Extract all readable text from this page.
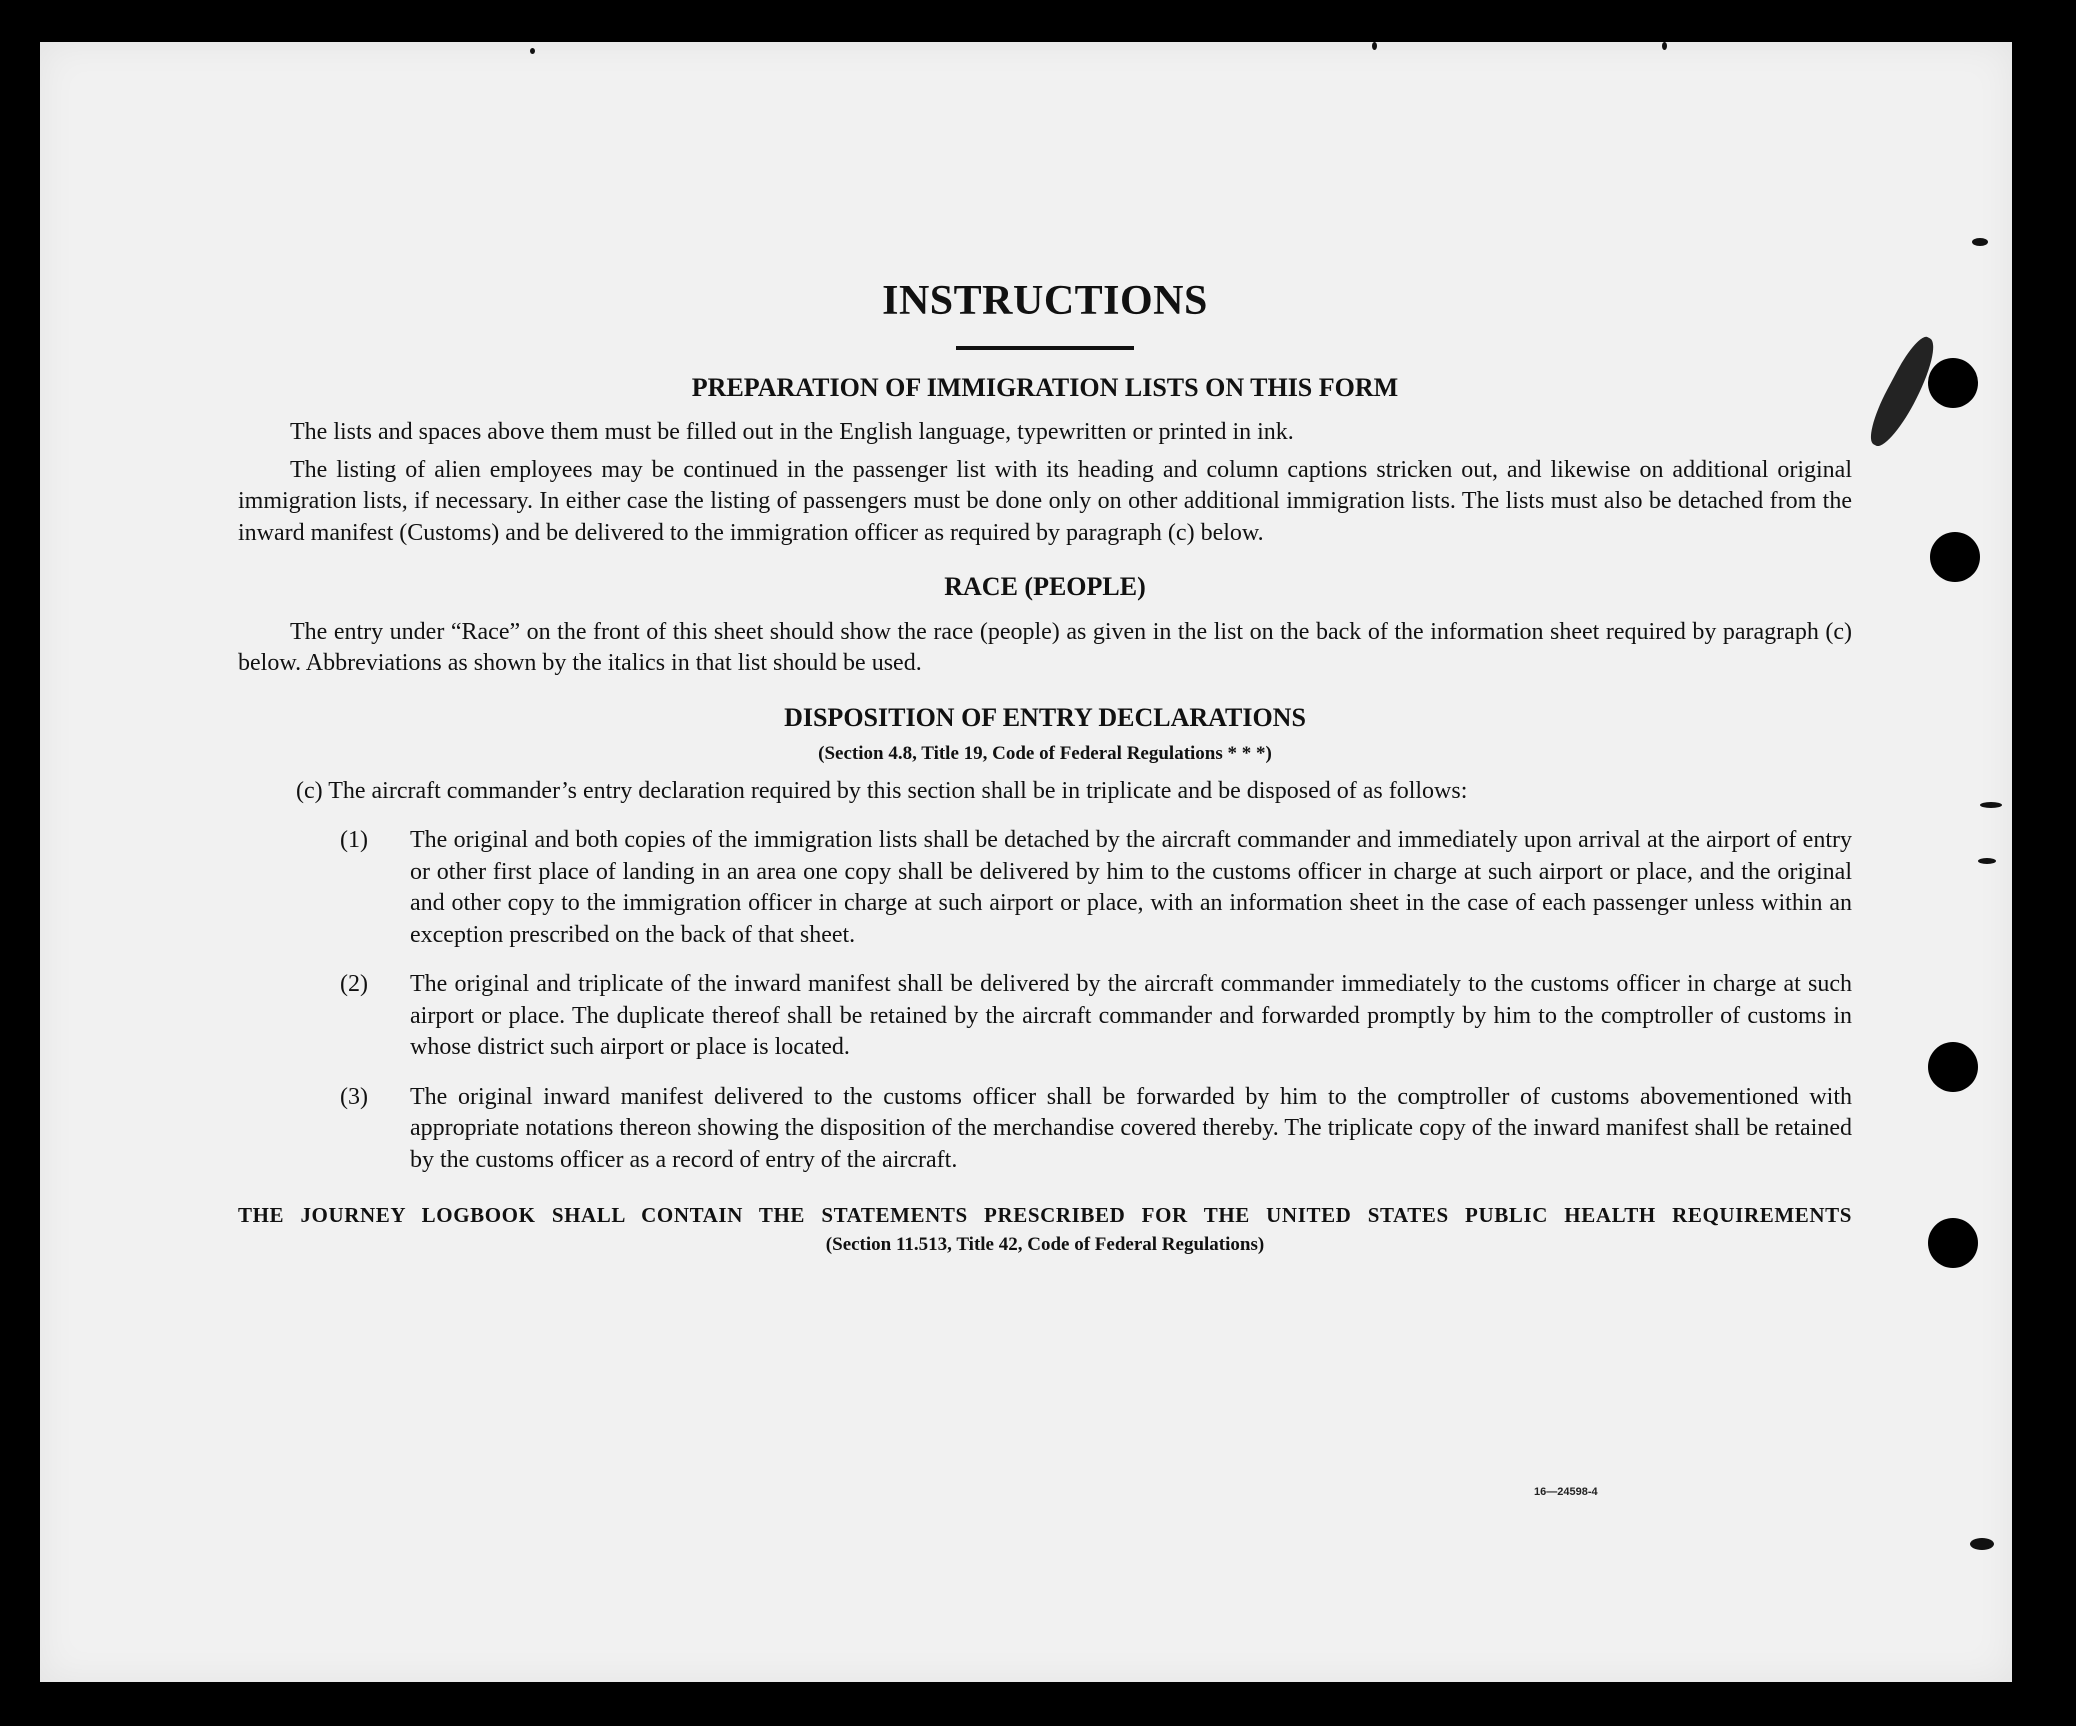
INSTRUCTIONS
PREPARATION OF IMMIGRATION LISTS ON THIS FORM

The lists and spaces above them must be filled out in the English language, typewritten or printed in ink.

The listing of alien employees may be continued in the passenger list with its heading and column captions stricken out, and likewise on additional original immigration lists, if necessary. In either case the listing of passengers must be done only on other additional immigration lists. The lists must also be detached from the inward manifest (Customs) and be delivered to the immigration officer as required by paragraph (c) below.

RACE (PEOPLE)

The entry under “Race” on the front of this sheet should show the race (people) as given in the list on the back of the information sheet required by paragraph (c) below. Abbreviations as shown by the italics in that list should be used.

DISPOSITION OF ENTRY DECLARATIONS
(Section 4.8, Title 19, Code of Federal Regulations * * *)
(c) The aircraft commander’s entry declaration required by this section shall be in triplicate and be disposed of as follows:
(1) The original and both copies of the immigration lists shall be detached by the aircraft commander and immediately upon arrival at the airport of entry or other first place of landing in an area one copy shall be delivered by him to the customs officer in charge at such airport or place, and the original and other copy to the immigration officer in charge at such airport or place, with an information sheet in the case of each passenger unless within an exception prescribed on the back of that sheet.
(2) The original and triplicate of the inward manifest shall be delivered by the aircraft commander immediately to the customs officer in charge at such airport or place. The duplicate thereof shall be retained by the aircraft commander and forwarded promptly by him to the comptroller of customs in whose district such airport or place is located.
(3) The original inward manifest delivered to the customs officer shall be forwarded by him to the comptroller of customs abovementioned with appropriate notations thereon showing the disposition of the merchandise covered thereby. The triplicate copy of the inward manifest shall be retained by the customs officer as a record of entry of the aircraft.
THE JOURNEY LOGBOOK SHALL CONTAIN THE STATEMENTS PRESCRIBED FOR THE UNITED STATES PUBLIC HEALTH REQUIREMENTS
(Section 11.513, Title 42, Code of Federal Regulations)
16—24598-4
